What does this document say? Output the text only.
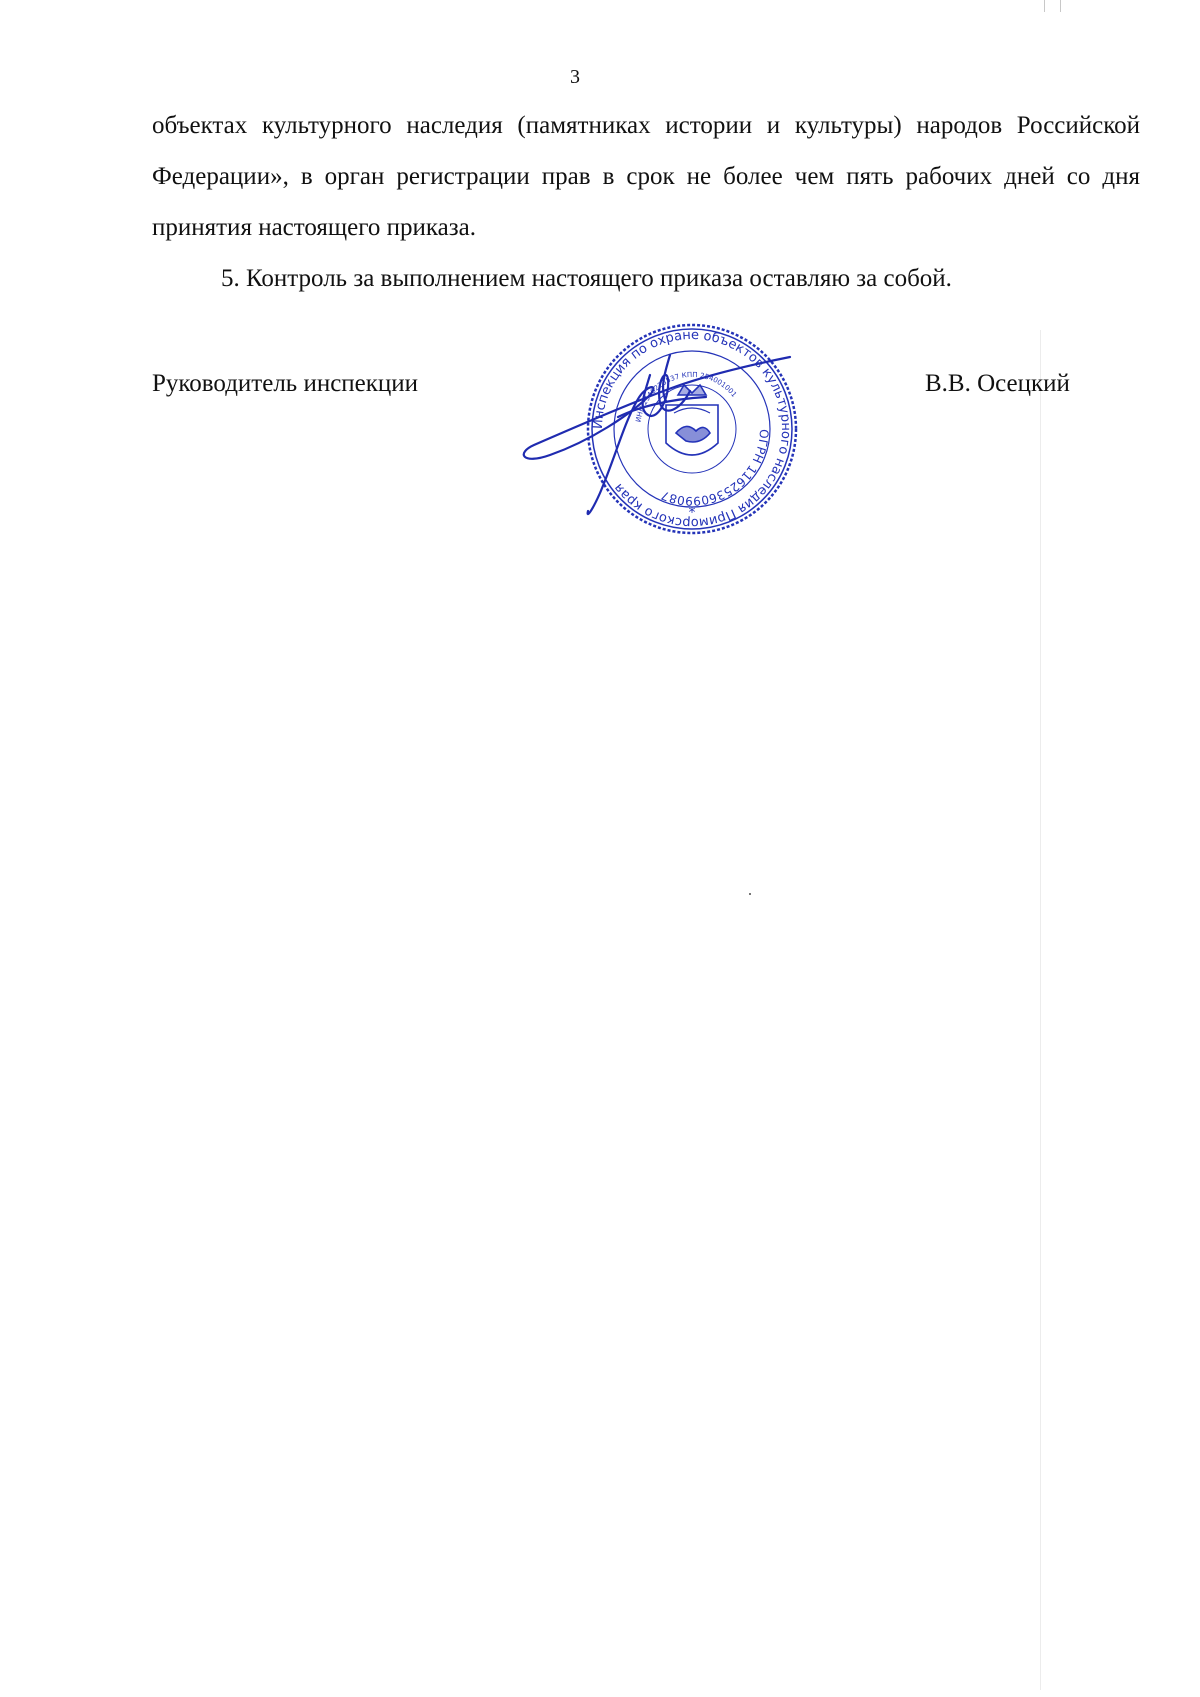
3

объектах культурного наследия (памятниках истории и культуры) народов Российской Федерации», в орган регистрации прав в срок не более чем пять рабочих дней со дня принятия настоящего приказа.

5. Контроль за выполнением настоящего приказа оставляю за собой.

Руководитель инспекции
Инспекция по охране объектов культурного наследия Приморского края
ОГРН 1162536099087
ИНН 2540223537 КПП 254001001
*
В.В. Осецкий
